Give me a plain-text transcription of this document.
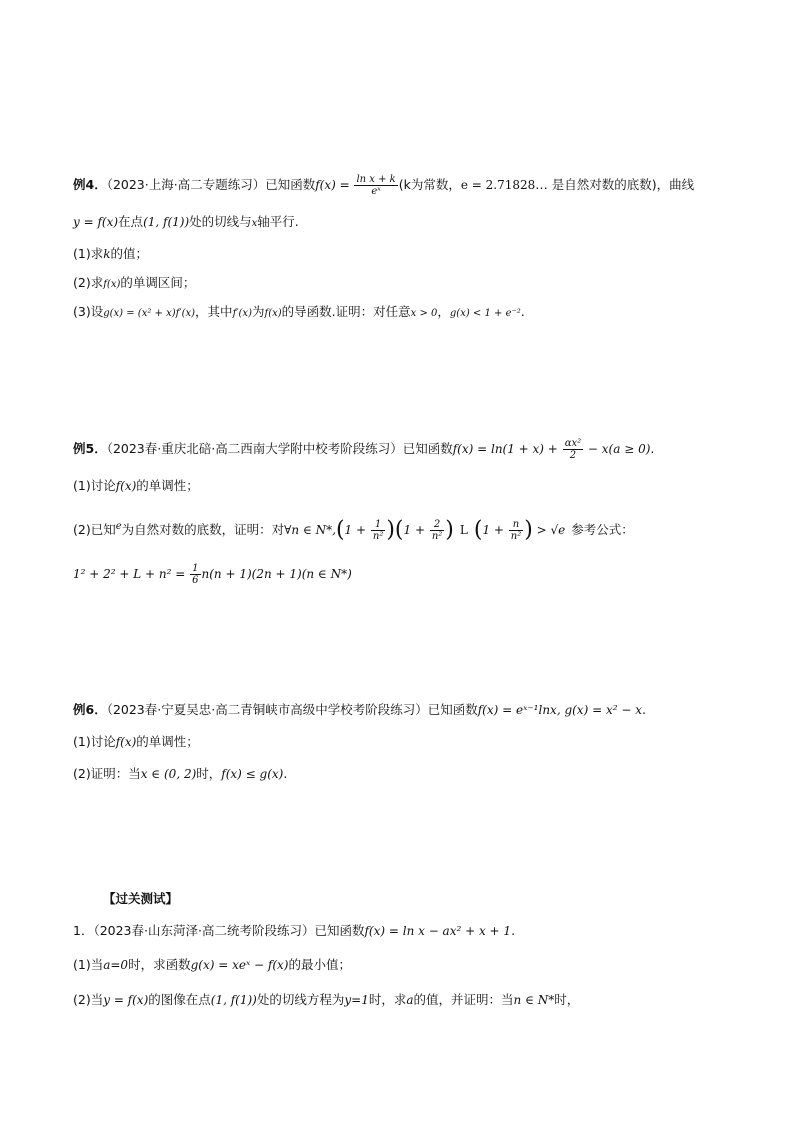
例4．（2023·上海·高二专题练习）已知函数$f(x) = \frac{\text{ln x + k}}{\text{eˣ}} (k$为常数，e = 2.71828… 是自然对数的底数)，曲线
y = f(x)在点(1, f(1))处的切线与x轴平行.
(1)求k的值；
(2)求f(x)的单调区间；
(3)设g(x) = (x² + x)f′(x)，其中f′(x)为f(x)的导函数.证明：对任意x > 0，g(x) < 1 + e⁻².
例5．（2023春·重庆北碚·高二西南大学附中校考阶段练习）已知函数$f(x) = \ln(1 + x) + \frac{\text{αx²}}{2} - x(a \ge 0)$.
(1)讨论f(x)的单调性；
(2)已知$^e$为自然对数的底数，证明：对∀n ∈ $N*,(1 + \frac{1}{\text{n²}} )(1 + \frac{2}{\text{n²}}$ ) L ($1 + \frac{n}{\text{n²}}$ ) > √e 参考公式：
$1^2 + 2^2 + L + n^2 = \frac{1}{6} n(n + 1)(2n + 1)(n$ ∈ N*)
例6．（2023春·宁夏吴忠·高二青铜峡市高级中学校考阶段练习）已知函数f(x) = eˣ⁻¹lnx, g(x) = x² − x.
(1)讨论f(x)的单调性；
(2)证明：当x ∈ (0, 2)时，f(x) ≤ g(x).
【过关测试】
1．（2023春·山东菏泽·高二统考阶段练习）已知函数f(x) = ln x − ax² + x + 1.
(1)当a=0时，求函数g(x) = xeˣ − f(x)的最小值；
(2)当y = f(x)的图像在点(1, f(1))处的切线方程为y=1时，求a的值，并证明：当n ∈ N*时，
